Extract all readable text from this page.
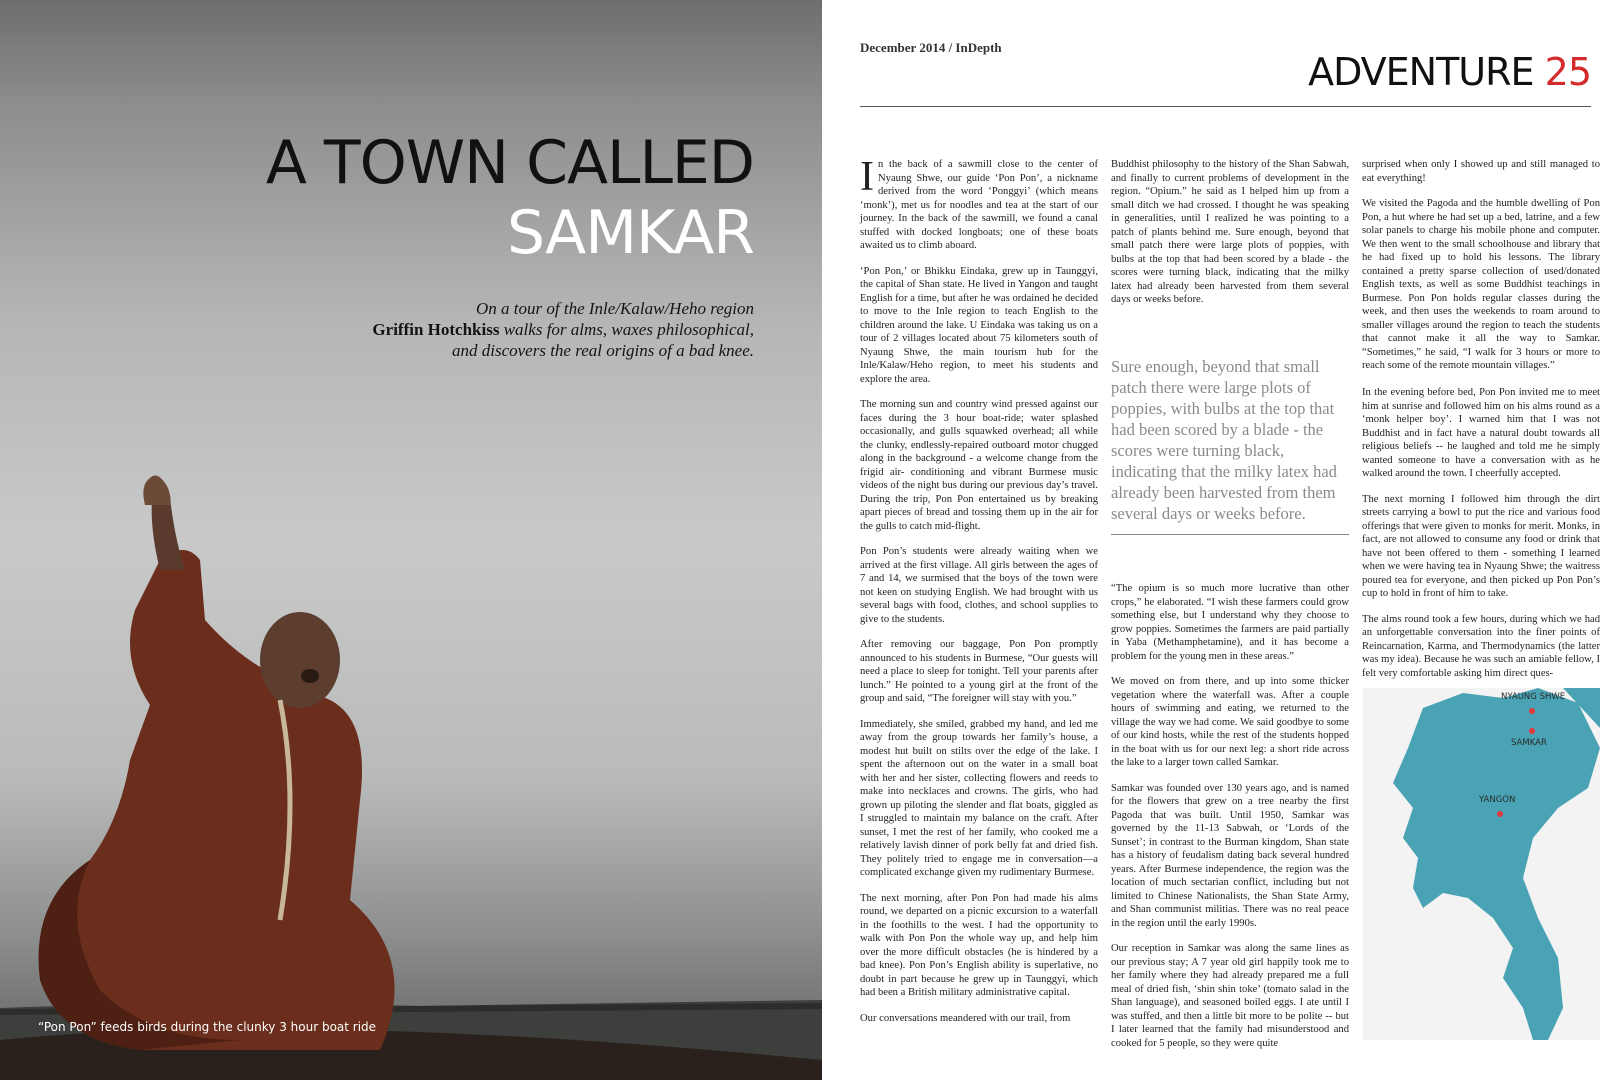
A TOWN CALLED
SAMKAR
On a tour of the Inle/Kalaw/Heho region
Griffin Hotchkiss walks for alms, waxes philosophical,
and discovers the real origins of a bad knee.
“Pon Pon” feeds birds during the clunky 3 hour boat ride
December 2014 / InDepth
ADVENTURE 25

In the back of a sawmill close to the center of Nyaung Shwe, our guide ‘Pon Pon’, a nickname derived from the word ‘Ponggyi’ (which means ‘monk’), met us for noodles and tea at the start of our journey. In the back of the sawmill, we found a canal stuffed with docked longboats; one of these boats awaited us to climb aboard.

‘Pon Pon,’ or Bhikku Eindaka, grew up in Taunggyi, the capital of Shan state. He lived in Yangon and taught English for a time, but after he was ordained he decided to move to the Inle region to teach English to the children around the lake. U Eindaka was taking us on a tour of 2 villages located about 75 kilometers south of Nyaung Shwe, the main tourism hub for the Inle/Kalaw/Heho region, to meet his students and explore the area.

The morning sun and country wind pressed against our faces during the 3 hour boat-ride; water splashed occasionally, and gulls squawked overhead; all while the clunky, endlessly-repaired outboard motor chugged along in the background - a welcome change from the frigid air- conditioning and vibrant Burmese music videos of the night bus during our previous day’s travel. During the trip, Pon Pon entertained us by breaking apart pieces of bread and tossing them up in the air for the gulls to catch mid-flight.

Pon Pon’s students were already waiting when we arrived at the first village. All girls between the ages of 7 and 14, we surmised that the boys of the town were not keen on studying English. We had brought with us several bags with food, clothes, and school supplies to give to the students.

After removing our baggage, Pon Pon promptly announced to his students in Burmese, “Our guests will need a place to sleep for tonight. Tell your parents after lunch.” He pointed to a young girl at the front of the group and said, “The foreigner will stay with you.”

Immediately, she smiled, grabbed my hand, and led me away from the group towards her family’s house, a modest hut built on stilts over the edge of the lake. I spent the afternoon out on the water in a small boat with her and her sister, collecting flowers and reeds to make into necklaces and crowns. The girls, who had grown up piloting the slender and flat boats, giggled as I struggled to maintain my balance on the craft. After sunset, I met the rest of her family, who cooked me a relatively lavish dinner of pork belly fat and dried fish. They politely tried to engage me in conversation—a complicated exchange given my rudimentary Burmese.

The next morning, after Pon Pon had made his alms round, we departed on a picnic excursion to a waterfall in the foothills to the west. I had the opportunity to walk with Pon Pon the whole way up, and help him over the more difficult obstacles (he is hindered by a bad knee). Pon Pon’s English ability is superlative, no doubt in part because he grew up in Taunggyi, which had been a British military administrative capital.

Our conversations meandered with our trail, from

Buddhist philosophy to the history of the Shan Sabwah, and finally to current problems of development in the region. “Opium.” he said as I helped him up from a small ditch we had crossed. I thought he was speaking in generalities, until I realized he was pointing to a patch of plants behind me. Sure enough, beyond that small patch there were large plots of poppies, with bulbs at the top that had been scored by a blade - the scores were turning black, indicating that the milky latex had already been harvested from them several days or weeks before.

Sure enough, beyond that small patch there were large plots of poppies, with bulbs at the top that had been scored by a blade - the scores were turning black, indicating that the milky latex had already been harvested from them several days or weeks before.

“The opium is so much more lucrative than other crops,” he elaborated. “I wish these farmers could grow something else, but I understand why they choose to grow poppies. Sometimes the farmers are paid partially in Yaba (Methamphetamine), and it has become a problem for the young men in these areas.”

We moved on from there, and up into some thicker vegetation where the waterfall was. After a couple hours of swimming and eating, we returned to the village the way we had come. We said goodbye to some of our kind hosts, while the rest of the students hopped in the boat with us for our next leg: a short ride across the lake to a larger town called Samkar.

Samkar was founded over 130 years ago, and is named for the flowers that grew on a tree nearby the first Pagoda that was built. Until 1950, Samkar was governed by the 11-13 Sabwah, or ‘Lords of the Sunset’; in contrast to the Burman kingdom, Shan state has a history of feudalism dating back several hundred years. After Burmese independence, the region was the location of much sectarian conflict, including but not limited to Chinese Nationalists, the Shan State Army, and Shan communist militias. There was no real peace in the region until the early 1990s.

Our reception in Samkar was along the same lines as our previous stay; A 7 year old girl happily took me to her family where they had already prepared me a full meal of dried fish, ‘shin shin toke’ (tomato salad in the Shan language), and seasoned boiled eggs. I ate until I was stuffed, and then a little bit more to be polite -- but I later learned that the family had misunderstood and cooked for 5 people, so they were quite

surprised when only I showed up and still managed to eat everything!

We visited the Pagoda and the humble dwelling of Pon Pon, a hut where he had set up a bed, latrine, and a few solar panels to charge his mobile phone and computer. We then went to the small schoolhouse and library that he had fixed up to hold his lessons. The library contained a pretty sparse collection of used/donated English texts, as well as some Buddhist teachings in Burmese. Pon Pon holds regular classes during the week, and then uses the weekends to roam around to smaller villages around the region to teach the students that cannot make it all the way to Samkar. “Sometimes,” he said, “I walk for 3 hours or more to reach some of the remote mountain villages.”

In the evening before bed, Pon Pon invited me to meet him at sunrise and followed him on his alms round as a ‘monk helper boy’. I warned him that I was not Buddhist and in fact have a natural doubt towards all religious beliefs -- he laughed and told me he simply wanted someone to have a conversation with as he walked around the town. I cheerfully accepted.

The next morning I followed him through the dirt streets carrying a bowl to put the rice and various food offerings that were given to monks for merit. Monks, in fact, are not allowed to consume any food or drink that have not been offered to them - something I learned when we were having tea in Nyaung Shwe; the waitress poured tea for everyone, and then picked up Pon Pon’s cup to hold in front of him to take.

The alms round took a few hours, during which we had an unforgettable conversation into the finer points of Reincarnation, Karma, and Thermodynamics (the latter was my idea). Because he was such an amiable fellow, I felt very comfortable asking him direct ques-

NYAUNG SHWE
SAMKAR
YANGON
